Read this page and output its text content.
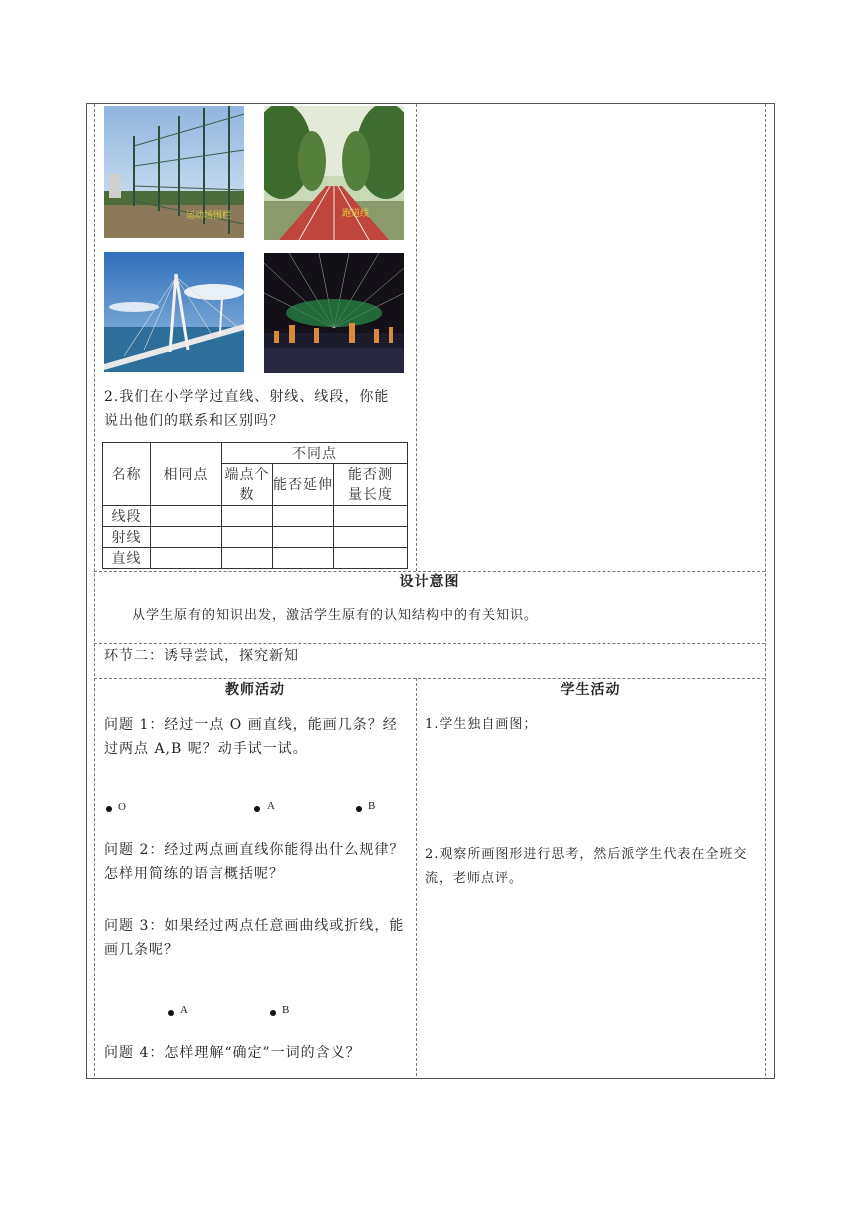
运动场围栏	跑道线
2.我们在小学学过直线、射线、线段，你能说出他们的联系和区别吗？
名称	相同点	不同点		
		端点个数	能否延伸	能否测量长度
线段				
射线				
直线				
设计意图
从学生原有的知识出发，激活学生原有的认知结构中的有关知识。
环节二：诱导尝试，探究新知
教师活动
问题 1：经过一点 O 画直线，能画几条？经过两点 A,B 呢？动手试一试。
O	A	B
问题 2：经过两点画直线你能得出什么规律？怎样用简练的语言概括呢？
问题 3：如果经过两点任意画曲线或折线，能画几条呢？
A	B
问题 4：怎样理解“确定”一词的含义？
学生活动
1.学生独自画图；
2.观察所画图形进行思考，然后派学生代表在全班交流，老师点评。
